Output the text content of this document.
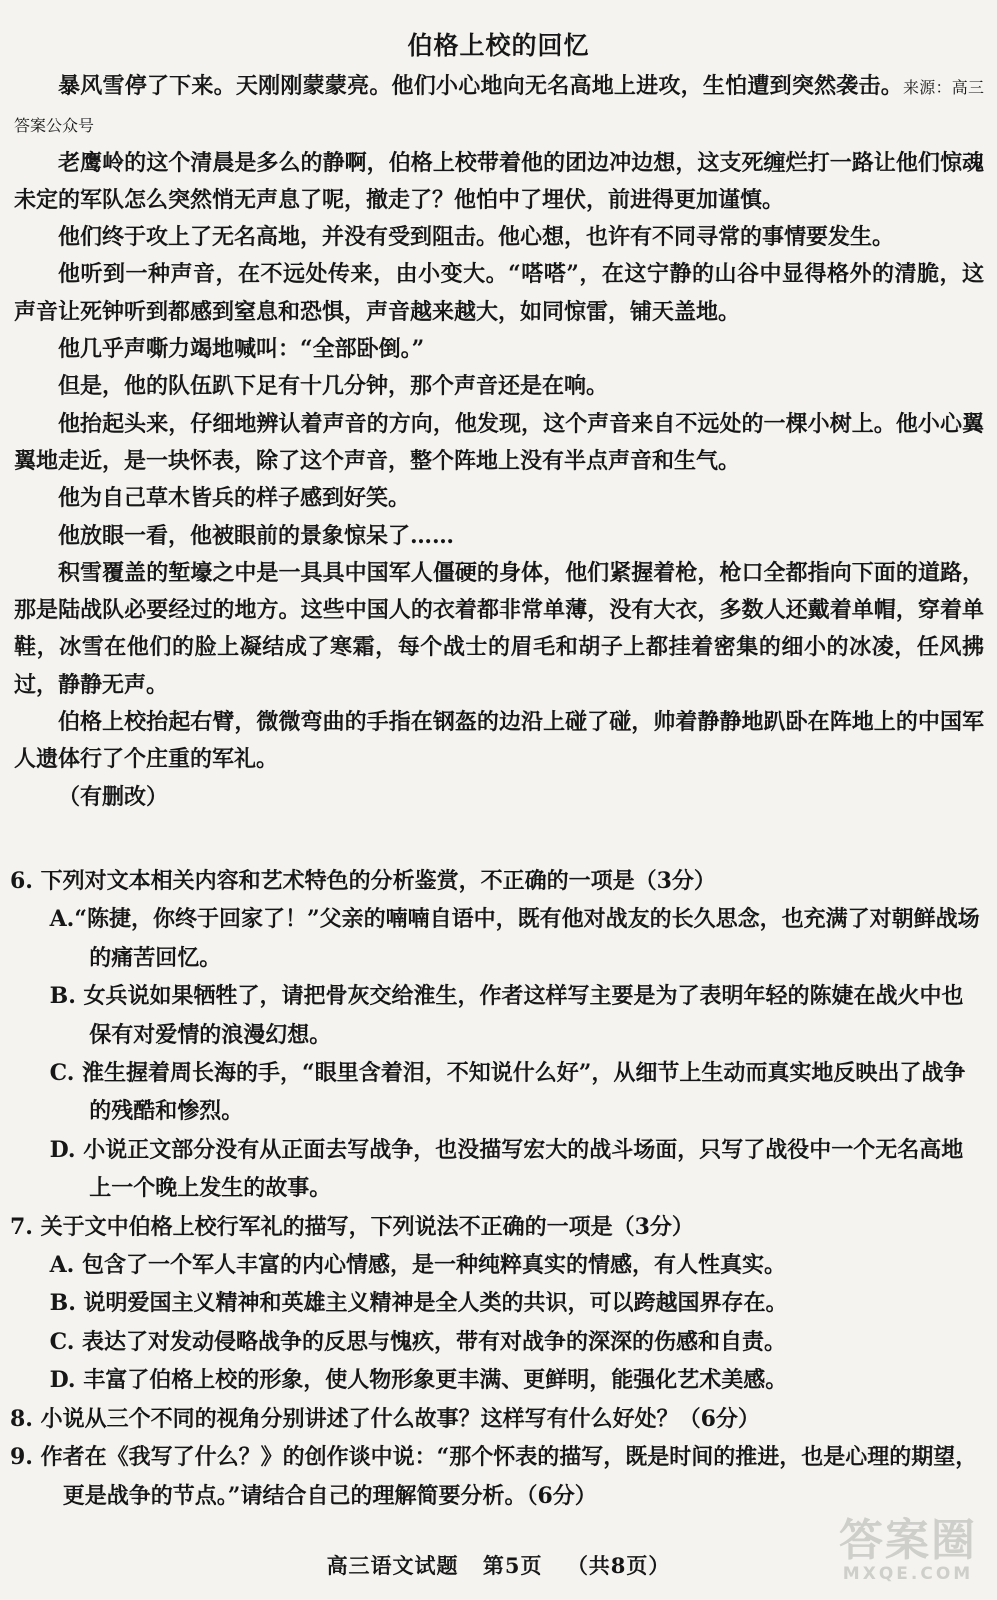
伯格上校的回忆

暴风雪停了下来。天刚刚蒙蒙亮。他们小心地向无名高地上进攻，生怕遭到突然袭击。来源：高三答案公众号

老鹰岭的这个清晨是多么的静啊，伯格上校带着他的团边冲边想，这支死缠烂打一路让他们惊魂未定的军队怎么突然悄无声息了呢，撤走了？他怕中了埋伏，前进得更加谨慎。

他们终于攻上了无名高地，并没有受到阻击。他心想，也许有不同寻常的事情要发生。

他听到一种声音，在不远处传来，由小变大。“嗒嗒”，在这宁静的山谷中显得格外的清脆，这声音让死钟听到都感到窒息和恐惧，声音越来越大，如同惊雷，铺天盖地。

他几乎声嘶力竭地喊叫：“全部卧倒。”

但是，他的队伍趴下足有十几分钟，那个声音还是在响。

他抬起头来，仔细地辨认着声音的方向，他发现，这个声音来自不远处的一棵小树上。他小心翼翼地走近，是一块怀表，除了这个声音，整个阵地上没有半点声音和生气。

他为自己草木皆兵的样子感到好笑。

他放眼一看，他被眼前的景象惊呆了……

积雪覆盖的堑壕之中是一具具中国军人僵硬的身体，他们紧握着枪，枪口全都指向下面的道路，那是陆战队必要经过的地方。这些中国人的衣着都非常单薄，没有大衣，多数人还戴着单帽，穿着单鞋，冰雪在他们的脸上凝结成了寒霜，每个战士的眉毛和胡子上都挂着密集的细小的冰凌，任风拂过，静静无声。

伯格上校抬起右臂，微微弯曲的手指在钢盔的边沿上碰了碰，帅着静静地趴卧在阵地上的中国军人遗体行了个庄重的军礼。

（有删改）

6. 下列对文本相关内容和艺术特色的分析鉴赏，不正确的一项是（3分）

A.“陈捷，你终于回家了！”父亲的喃喃自语中，既有他对战友的长久思念，也充满了对朝鲜战场的痛苦回忆。

B. 女兵说如果牺牲了，请把骨灰交给淮生，作者这样写主要是为了表明年轻的陈婕在战火中也保有对爱情的浪漫幻想。

C. 淮生握着周长海的手，“眼里含着泪，不知说什么好”，从细节上生动而真实地反映出了战争的残酷和惨烈。

D. 小说正文部分没有从正面去写战争，也没描写宏大的战斗场面，只写了战役中一个无名高地上一个晚上发生的故事。

7. 关于文中伯格上校行军礼的描写，下列说法不正确的一项是（3分）

A. 包含了一个军人丰富的内心情感，是一种纯粹真实的情感，有人性真实。

B. 说明爱国主义精神和英雄主义精神是全人类的共识，可以跨越国界存在。

C. 表达了对发动侵略战争的反思与愧疚，带有对战争的深深的伤感和自责。

D. 丰富了伯格上校的形象，使人物形象更丰满、更鲜明，能强化艺术美感。

8. 小说从三个不同的视角分别讲述了什么故事？这样写有什么好处？（6分）

9. 作者在《我写了什么？》的创作谈中说：“那个怀表的描写，既是时间的推进，也是心理的期望，更是战争的节点。”请结合自己的理解简要分析。（6分）

高三语文试题 第5页 （共8页）	答案圈
MXQE.COM
